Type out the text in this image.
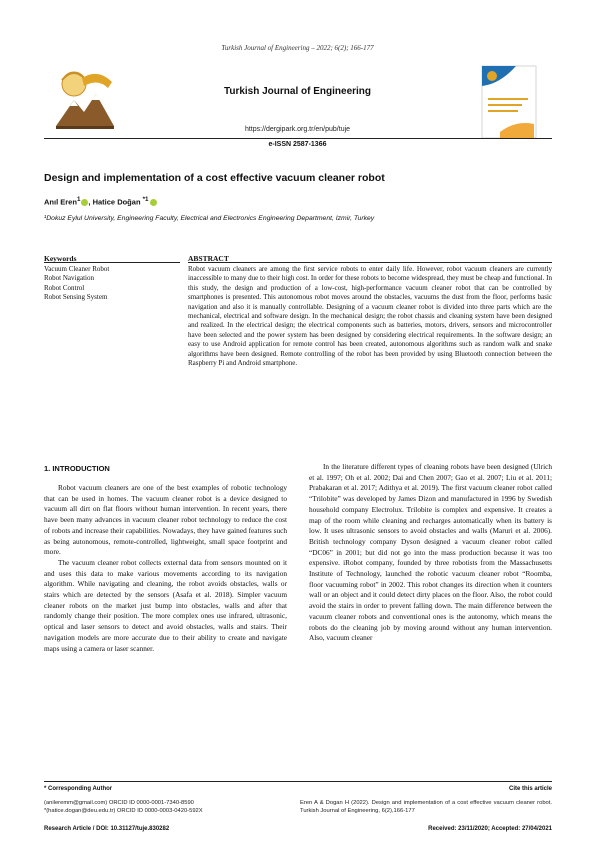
Turkish Journal of Engineering – 2022; 6(2); 166-177
Turkish Journal of Engineering
https://dergipark.org.tr/en/pub/tuje
e-ISSN 2587-1366
Design and implementation of a cost effective vacuum cleaner robot
Anıl Eren$^1$ , Hatice Doğan $^{*1}$
¹Dokuz Eylul University, Engineering Faculty, Electrical and Electronics Engineering Department, Izmir, Turkey
Keywords
Vacuum Cleaner Robot
Robot Navigation
Robot Control
Robot Sensing System
ABSTRACT
Robot vacuum cleaners are among the first service robots to enter daily life. However, robot vacuum cleaners are currently inaccessible to many due to their high cost. In order for these robots to become widespread, they must be cheap and functional. In this study, the design and production of a low-cost, high-performance vacuum cleaner robot that can be controlled by smartphones is presented. This autonomous robot moves around the obstacles, vacuums the dust from the floor, performs basic navigation and also it is manually controllable. Designing of a vacuum cleaner robot is divided into three parts which are the mechanical, electrical and software design. In the mechanical design; the robot chassis and cleaning system have been designed and realized. In the electrical design; the electrical components such as batteries, motors, drivers, sensors and microcontroller have been selected and the power system has been designed by considering electrical requirements. In the software design; an easy to use Android application for remote control has been created, autonomous algorithms such as random walk and snake algorithms have been designed. Remote controlling of the robot has been provided by using Bluetooth connection between the Raspberry Pi and Android smartphone.
1. INTRODUCTION

Robot vacuum cleaners are one of the best examples of robotic technology that can be used in homes. The vacuum cleaner robot is a device designed to vacuum all dirt on flat floors without human intervention. In recent years, there have been many advances in vacuum cleaner robot technology to reduce the cost of robots and increase their capabilities. Nowadays, they have gained features such as being autonomous, remote-controlled, lightweight, small space footprint and more.

The vacuum cleaner robot collects external data from sensors mounted on it and uses this data to make various movements according to its navigation algorithm. While navigating and cleaning, the robot avoids obstacles, walls or stairs which are detected by the sensors (Asafa et al. 2018). Simpler vacuum cleaner robots on the market just bump into obstacles, walls and after that randomly change their position. The more complex ones use infrared, ultrasonic, optical and laser sensors to detect and avoid obstacles, walls and stairs. Their navigation models are more accurate due to their ability to create and navigate maps using a camera or laser scanner.

In the literature different types of cleaning robots have been designed (Ulrich et al. 1997; Oh et al. 2002; Dai and Chen 2007; Gao et al. 2007; Liu et al. 2011; Prabakaran et al. 2017; Adithya et al. 2019). The first vacuum cleaner robot called “Trilobite” was developed by James Dizon and manufactured in 1996 by Swedish household company Electrolux. Trilobite is complex and expensive. It creates a map of the room while cleaning and recharges automatically when its battery is low. It uses ultrasonic sensors to avoid obstacles and walls (Maruri et al. 2006). British technology company Dyson designed a vacuum cleaner robot called “DC06” in 2001; but did not go into the mass production because it was too expensive. iRobot company, founded by three robotists from the Massachusetts Institute of Technology, launched the robotic vacuum cleaner robot “Roomba, floor vacuuming robot” in 2002. This robot changes its direction when it counters wall or an object and it could detect dirty places on the floor. Also, the robot could avoid the stairs in order to prevent falling down. The main difference between the vacuum cleaner robots and conventional ones is the autonomy, which means the robots do the cleaning job by moving around without any human intervention. Also, vacuum cleaner

* Corresponding Author
(anileremm@gmail.com) ORCID ID 0000-0001-7340-8590
*(hatice.dogan@deu.edu.tr) ORCID ID 0000-0003-0420-592X
Cite this article
Eren A & Dogan H (2022). Design and implementation of a cost effective vacuum cleaner robot. Turkish Journal of Engineering, 6(2),166-177
Research Article / DOI: 10.31127/tuje.830282	Received: 23/11/2020; Accepted: 27/04/2021
